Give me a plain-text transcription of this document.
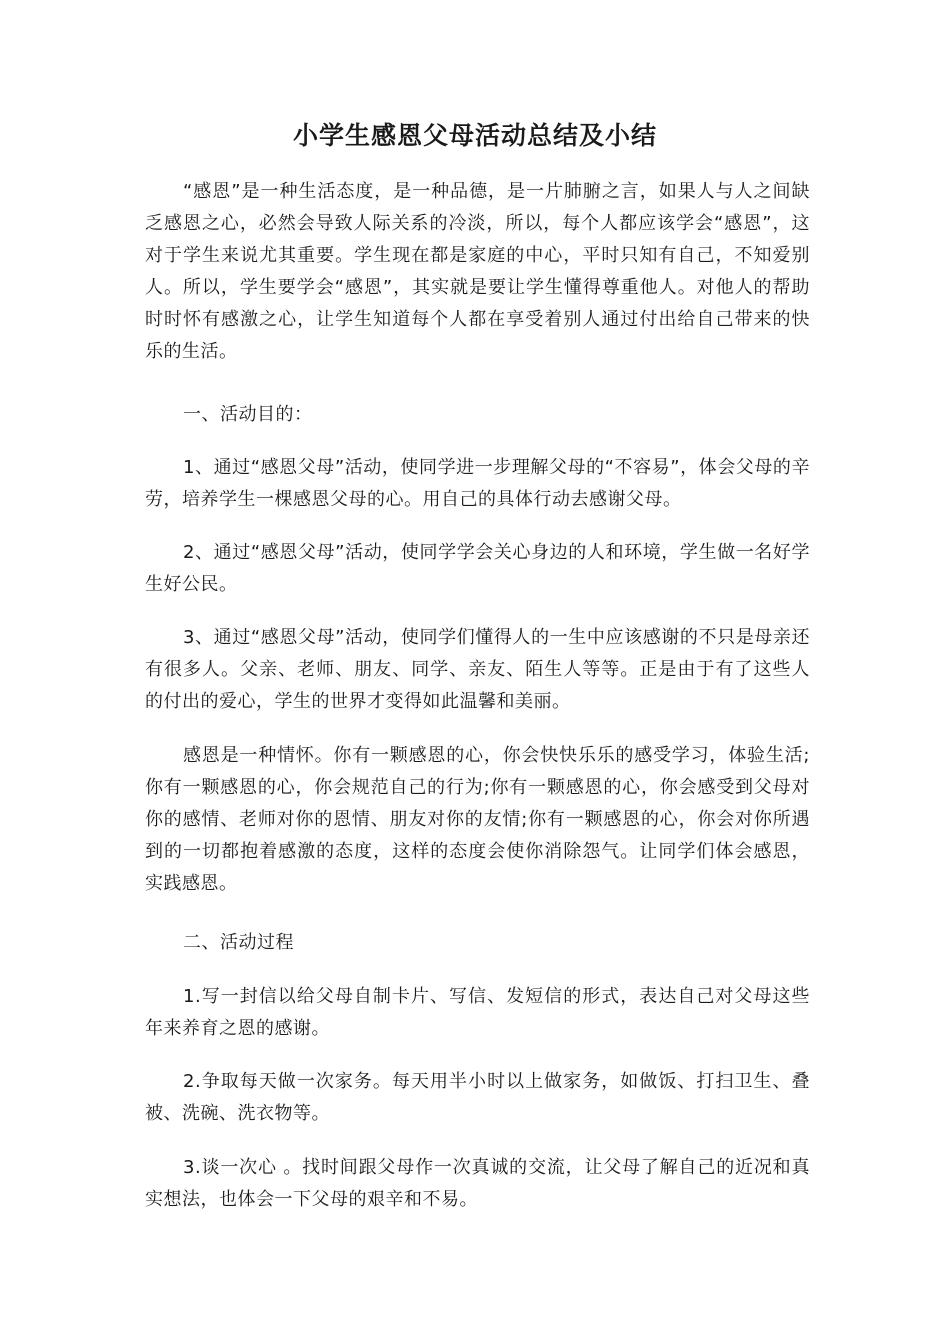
小学生感恩父母活动总结及小结

“感恩”是一种生活态度，是一种品德，是一片肺腑之言，如果人与人之间缺乏感恩之心，必然会导致人际关系的冷淡，所以，每个人都应该学会“感恩”，这对于学生来说尤其重要。学生现在都是家庭的中心，平时只知有自己，不知爱别人。所以，学生要学会“感恩”，其实就是要让学生懂得尊重他人。对他人的帮助时时怀有感激之心，让学生知道每个人都在享受着别人通过付出给自己带来的快乐的生活。

一、活动目的：

1、通过“感恩父母”活动，使同学进一步理解父母的“不容易”，体会父母的辛劳，培养学生一棵感恩父母的心。用自己的具体行动去感谢父母。

2、通过“感恩父母”活动，使同学学会关心身边的人和环境，学生做一名好学生好公民。

3、通过“感恩父母”活动，使同学们懂得人的一生中应该感谢的不只是母亲还有很多人。父亲、老师、朋友、同学、亲友、陌生人等等。正是由于有了这些人的付出的爱心，学生的世界才变得如此温馨和美丽。

感恩是一种情怀。你有一颗感恩的心，你会快快乐乐的感受学习，体验生活;你有一颗感恩的心，你会规范自己的行为;你有一颗感恩的心，你会感受到父母对你的感情、老师对你的恩情、朋友对你的友情;你有一颗感恩的心，你会对你所遇到的一切都抱着感激的态度，这样的态度会使你消除怨气。让同学们体会感恩，实践感恩。

二、活动过程

1.写一封信以给父母自制卡片、写信、发短信的形式，表达自己对父母这些年来养育之恩的感谢。

2.争取每天做一次家务。每天用半小时以上做家务，如做饭、打扫卫生、叠被、洗碗、洗衣物等。

3.谈一次心 。找时间跟父母作一次真诚的交流，让父母了解自己的近况和真实想法，也体会一下父母的艰辛和不易。
